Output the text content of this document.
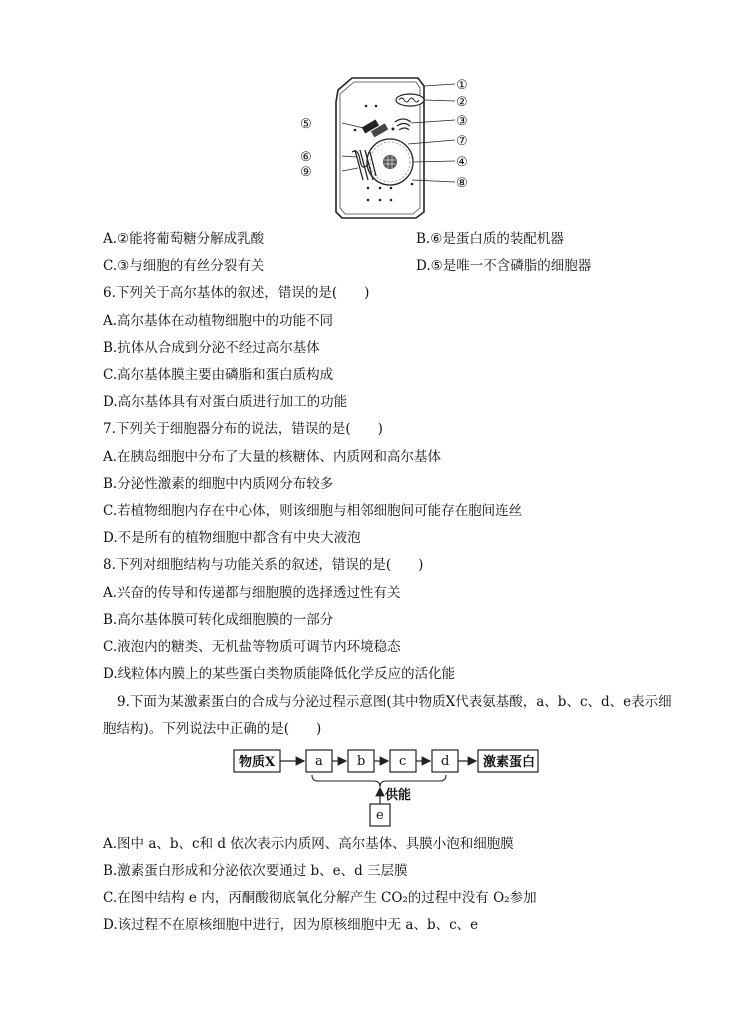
①
②
③
⑦
④
⑧
⑤
⑥
⑨
A.②能将葡萄糖分解成乳酸	B.⑥是蛋白质的装配机器
C.③与细胞的有丝分裂有关	D.⑤是唯一不含磷脂的细胞器
6.下列关于高尔基体的叙述，错误的是(　　)
A.高尔基体在动植物细胞中的功能不同
B.抗体从合成到分泌不经过高尔基体
C.高尔基体膜主要由磷脂和蛋白质构成
D.高尔基体具有对蛋白质进行加工的功能
7.下列关于细胞器分布的说法，错误的是(　　)
A.在胰岛细胞中分布了大量的核糖体、内质网和高尔基体
B.分泌性激素的细胞中内质网分布较多
C.若植物细胞内存在中心体，则该细胞与相邻细胞间可能存在胞间连丝
D.不是所有的植物细胞中都含有中央大液泡
8.下列对细胞结构与功能关系的叙述，错误的是(　　)
A.兴奋的传导和传递都与细胞膜的选择透过性有关
B.高尔基体膜可转化成细胞膜的一部分
C.液泡内的糖类、无机盐等物质可调节内环境稳态
D.线粒体内膜上的某些蛋白类物质能降低化学反应的活化能
9.下面为某激素蛋白的合成与分泌过程示意图(其中物质Ⅹ代表氨基酸，a、b、c、d、e表示细
胞结构)。下列说法中正确的是(　　)
物质X	a	b	c	d	激素蛋白
供能
e
A.图中 a、b、c和 d 依次表示内质网、高尔基体、具膜小泡和细胞膜
B.激素蛋白形成和分泌依次要通过 b、e、d 三层膜
C.在图中结构 e 内，丙酮酸彻底氧化分解产生 CO₂的过程中没有 O₂参加
D.该过程不在原核细胞中进行，因为原核细胞中无 a、b、c、e
